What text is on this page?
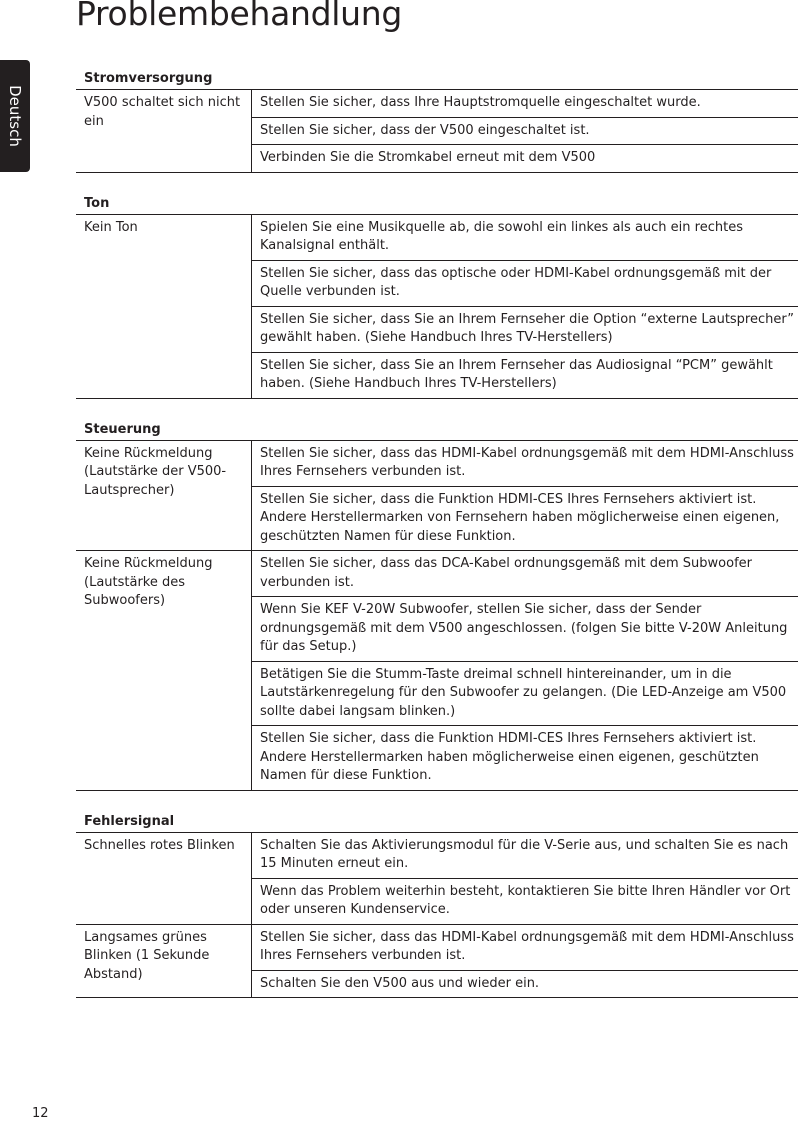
Problembehandlung
Deutsch
Stromversorgung
V500 schaltet sich nicht ein
Stellen Sie sicher, dass Ihre Hauptstromquelle eingeschaltet wurde.
Stellen Sie sicher, dass der V500 eingeschaltet ist.
Verbinden Sie die Stromkabel erneut mit dem V500
Ton
Kein Ton	Spielen Sie eine Musikquelle ab, die sowohl ein linkes als auch ein rechtes Kanalsignal enthält.
Stellen Sie sicher, dass das optische oder HDMI-Kabel ordnungsgemäß mit der Quelle verbunden ist.
Stellen Sie sicher, dass Sie an Ihrem Fernseher die Option “externe Lautsprecher” gewählt haben. (Siehe Handbuch Ihres TV-Herstellers)
Stellen Sie sicher, dass Sie an Ihrem Fernseher das Audiosignal “PCM” gewählt haben. (Siehe Handbuch Ihres TV-Herstellers)
Steuerung
Keine Rückmeldung (Lautstärke der V500-Lautsprecher)
Stellen Sie sicher, dass das HDMI-Kabel ordnungsgemäß mit dem HDMI-Anschluss Ihres Fernsehers verbunden ist.
Stellen Sie sicher, dass die Funktion HDMI-CES Ihres Fernsehers aktiviert ist. Andere Herstellermarken von Fernsehern haben möglicherweise einen eigenen, geschützten Namen für diese Funktion.
Keine Rückmeldung (Lautstärke des Subwoofers)
Stellen Sie sicher, dass das DCA-Kabel ordnungsgemäß mit dem Subwoofer verbunden ist.
Wenn Sie KEF V-20W Subwoofer, stellen Sie sicher, dass der Sender ordnungsgemäß mit dem V500 angeschlossen. (folgen Sie bitte V-20W Anleitung für das Setup.)
Betätigen Sie die Stumm-Taste dreimal schnell hintereinander, um in die Lautstärkenregelung für den Subwoofer zu gelangen. (Die LED-Anzeige am V500 sollte dabei langsam blinken.)
Stellen Sie sicher, dass die Funktion HDMI-CES Ihres Fernsehers aktiviert ist. Andere Herstellermarken haben möglicherweise einen eigenen, geschützten Namen für diese Funktion.
Fehlersignal
Schnelles rotes Blinken	Schalten Sie das Aktivierungsmodul für die V-Serie aus, und schalten Sie es nach 15 Minuten erneut ein.
Wenn das Problem weiterhin besteht, kontaktieren Sie bitte Ihren Händler vor Ort oder unseren Kundenservice.
Langsames grünes Blinken (1 Sekunde Abstand)
Stellen Sie sicher, dass das HDMI-Kabel ordnungsgemäß mit dem HDMI-Anschluss Ihres Fernsehers verbunden ist.
Schalten Sie den V500 aus und wieder ein.
12
